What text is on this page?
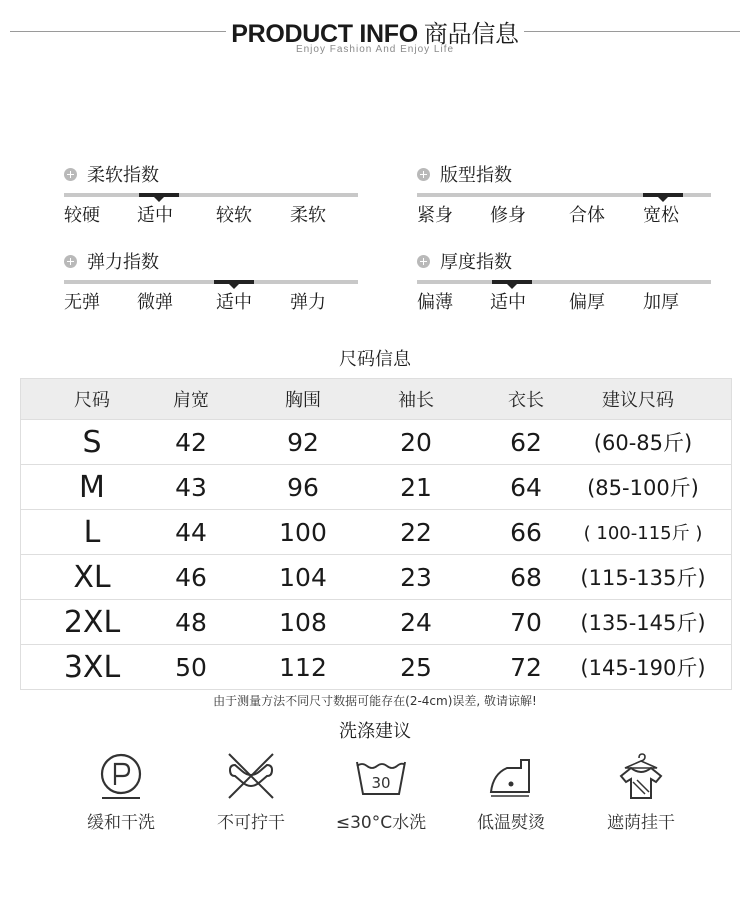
PRODUCT INFO 商品信息
Enjoy Fashion And Enjoy Life
柔软指数
较硬 适中 较软 柔软
版型指数
紧身 修身 合体 宽松
弹力指数
无弹 微弹 适中 弹力
厚度指数
偏薄 适中 偏厚 加厚
尺码信息
尺码	肩宽	胸围	袖长	衣长	建议尺码
S	42	92	20	62	(60-85斤)
M	43	96	21	64	(85-100斤)
L	44	100	22	66	( 100-115斤 )
XL	46	104	23	68	(115-135斤)
2XL	48	108	24	70	(135-145斤)
3XL	50	112	25	72	(145-190斤)
由于测量方法不同尺寸数据可能存在(2-4cm)误差, 敬请谅解!
洗涤建议
缓和干洗	不可拧干
30
≤30°C水洗	低温熨烫	遮荫挂干
